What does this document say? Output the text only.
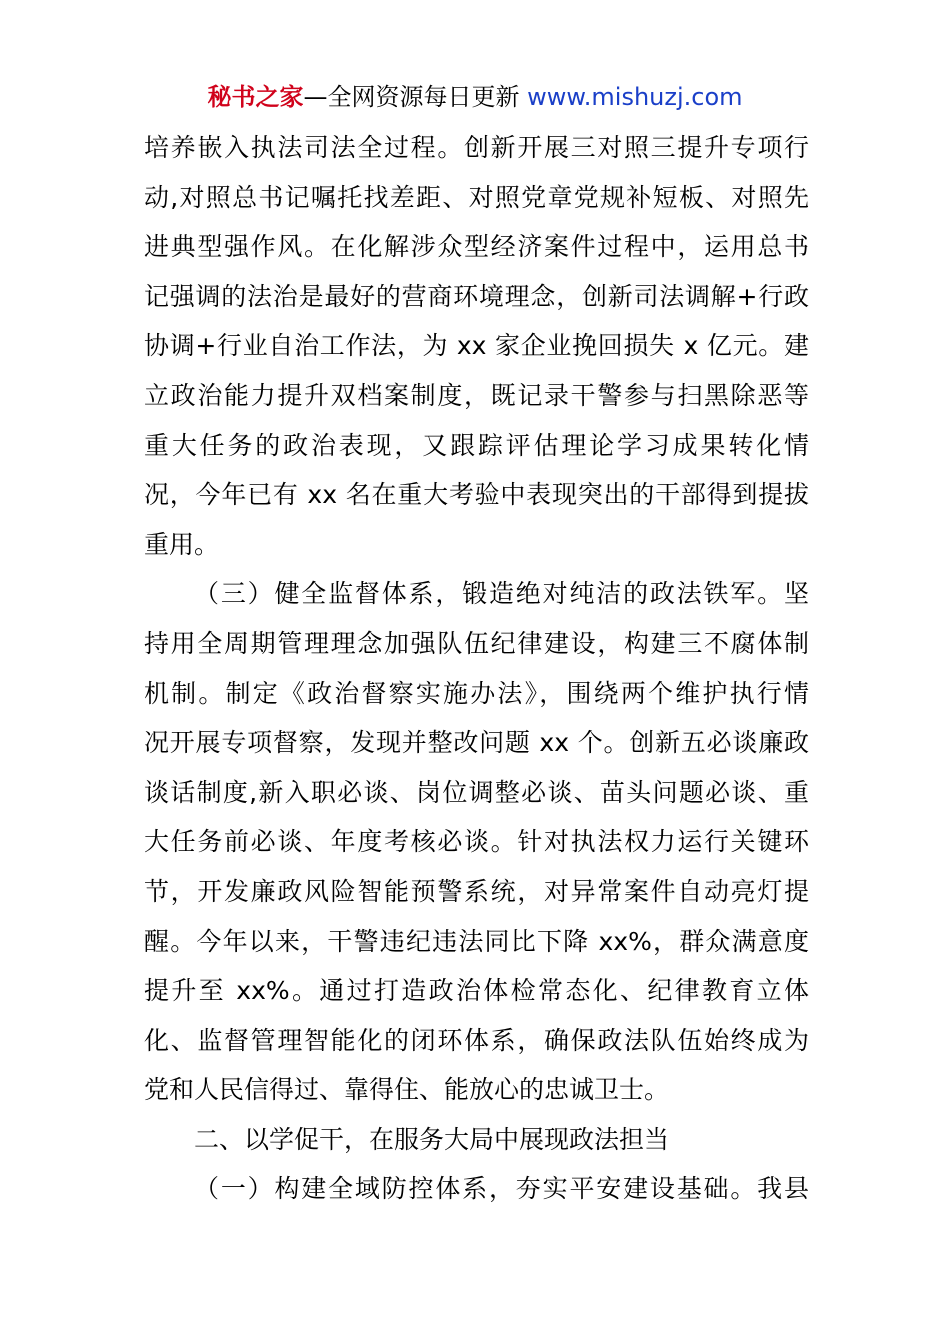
秘书之家—全网资源每日更新 www.mishuzj.com
培养嵌入执法司法全过程。创新开展三对照三提升专项行
动,对照总书记嘱托找差距、对照党章党规补短板、对照先
进典型强作风。在化解涉众型经济案件过程中，运用总书
记强调的法治是最好的营商环境理念，创新司法调解+行政
协调+行业自治工作法，为 xx 家企业挽回损失 x 亿元。建
立政治能力提升双档案制度，既记录干警参与扫黑除恶等
重大任务的政治表现，又跟踪评估理论学习成果转化情
况，今年已有 xx 名在重大考验中表现突出的干部得到提拔
重用。
（三）健全监督体系，锻造绝对纯洁的政法铁军。坚
持用全周期管理理念加强队伍纪律建设，构建三不腐体制
机制。制定《政治督察实施办法》，围绕两个维护执行情
况开展专项督察，发现并整改问题 xx 个。创新五必谈廉政
谈话制度,新入职必谈、岗位调整必谈、苗头问题必谈、重
大任务前必谈、年度考核必谈。针对执法权力运行关键环
节，开发廉政风险智能预警系统，对异常案件自动亮灯提
醒。今年以来，干警违纪违法同比下降 xx%，群众满意度
提升至 xx%。通过打造政治体检常态化、纪律教育立体
化、监督管理智能化的闭环体系，确保政法队伍始终成为
党和人民信得过、靠得住、能放心的忠诚卫士。
二、以学促干，在服务大局中展现政法担当
（一）构建全域防控体系，夯实平安建设基础。我县
